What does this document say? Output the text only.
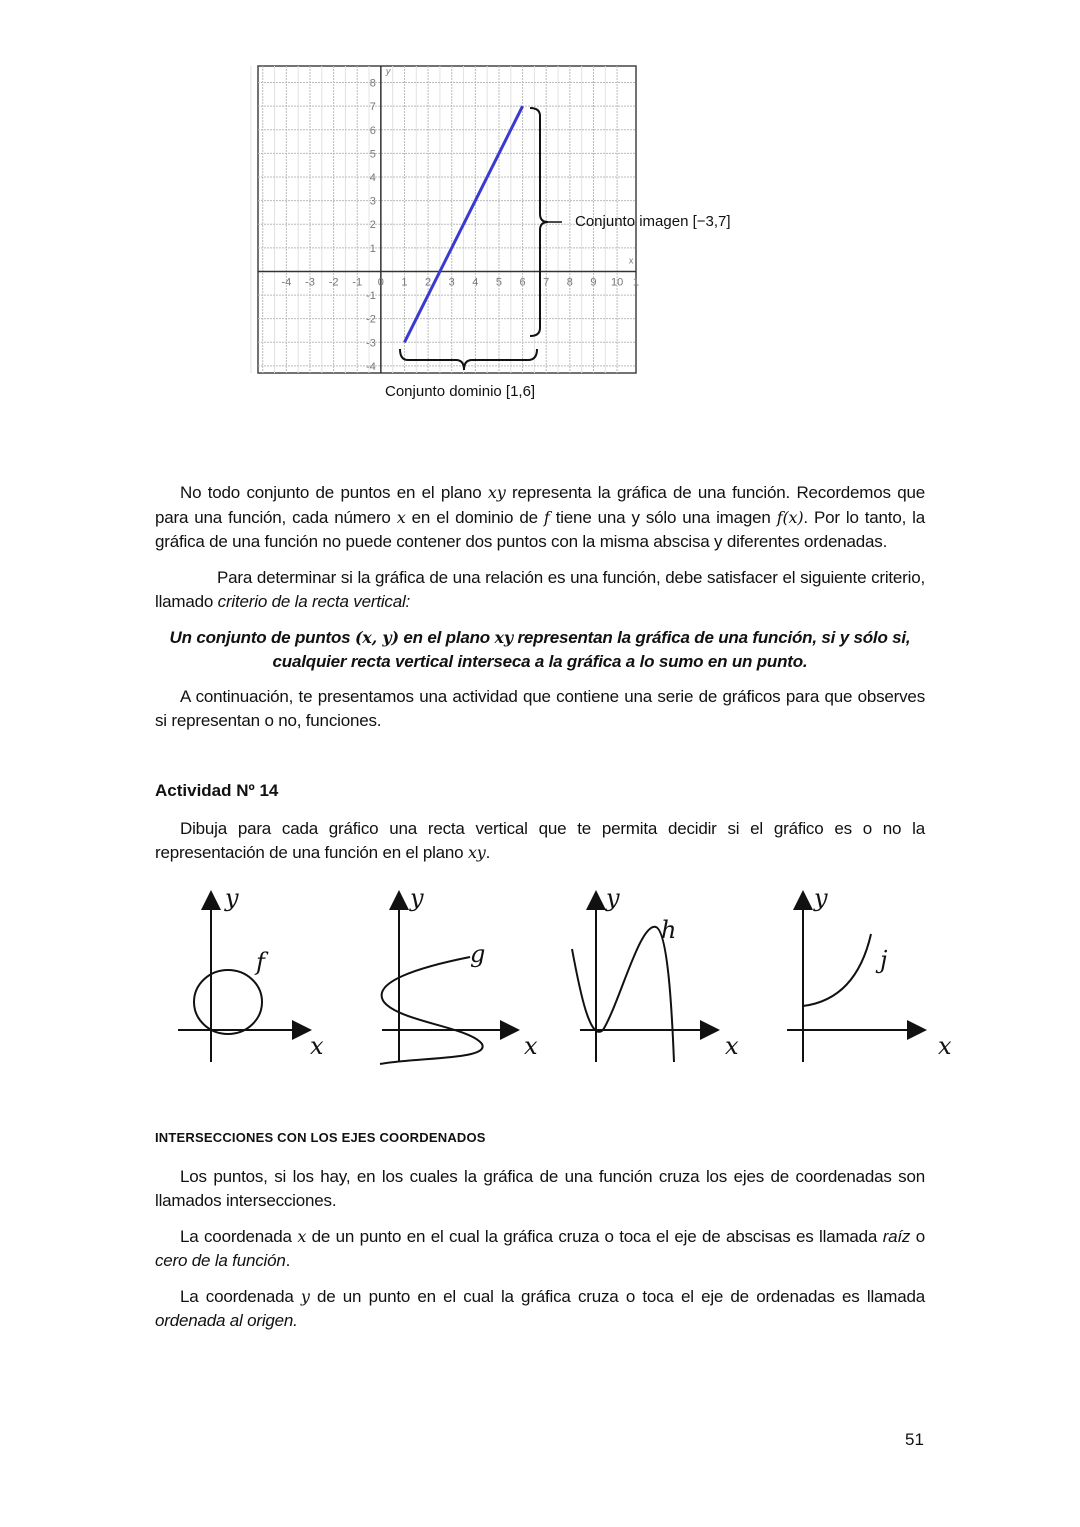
-4 -3 -2 -1 0 1 2 3 4 5 6 7 8 9 10 1
-4
-3
-2
-1
1
2
3
4
5
6
7
8
x
y
Conjunto imagen [−3,7]
Conjunto dominio [1,6]

No todo conjunto de puntos en el plano xy representa la gráfica de una función. Recordemos que para una función, cada número x en el dominio de f tiene una y sólo una imagen f(x). Por lo tanto, la gráfica de una función no puede contener dos puntos con la misma abscisa y diferentes ordenadas.

Para determinar si la gráfica de una relación es una función, debe satisfacer el siguiente criterio, llamado criterio de la recta vertical:

Un conjunto de puntos (x, y) en el plano xy representan la gráfica de una función, si y sólo si, cualquier recta vertical interseca a la gráfica a lo sumo en un punto.

A continuación, te presentamos una actividad que contiene una serie de gráficos para que observes si representan o no, funciones.

Actividad Nº 14

Dibuja para cada gráfico una recta vertical que te permita decidir si el gráfico es o no la representación de una función en el plano xy.

y
f
x
y
g
x
y
h
x
y
j
x

INTERSECCIONES CON LOS EJES COORDENADOS

Los puntos, si los hay, en los cuales la gráfica de una función cruza los ejes de coordenadas son llamados intersecciones.

La coordenada x de un punto en el cual la gráfica cruza o toca el eje de abscisas es llamada raíz o cero de la función.

La coordenada y de un punto en el cual la gráfica cruza o toca el eje de ordenadas es llamada ordenada al origen.

51
